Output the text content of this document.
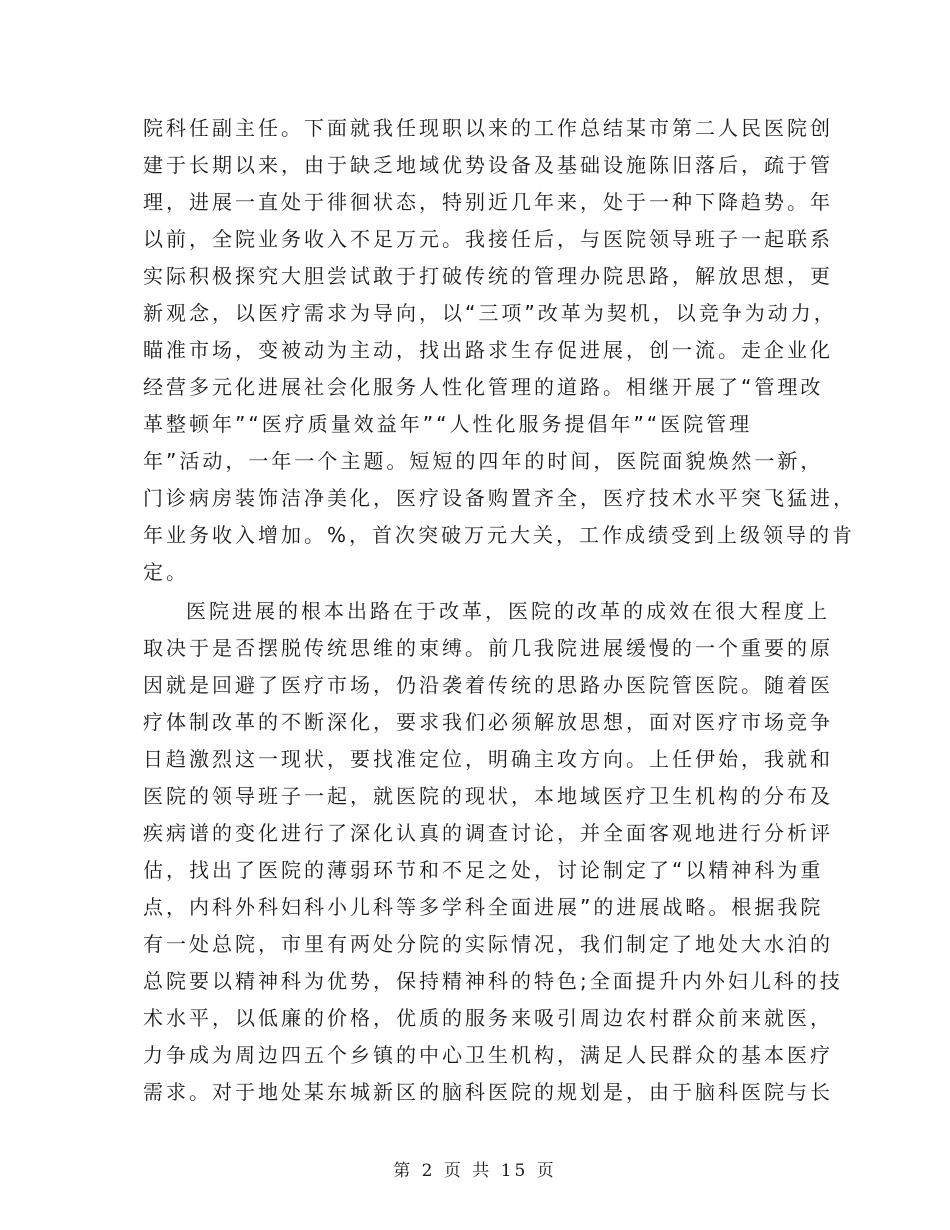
院科任副主任。下面就我任现职以来的工作总结某市第二人民医院创
建于长期以来，由于缺乏地域优势设备及基础设施陈旧落后，疏于管
理，进展一直处于徘徊状态，特别近几年来，处于一种下降趋势。年
以前，全院业务收入不足万元。我接任后，与医院领导班子一起联系
实际积极探究大胆尝试敢于打破传统的管理办院思路，解放思想，更
新观念，以医疗需求为导向，以“三项”改革为契机，以竞争为动力，
瞄准市场，变被动为主动，找出路求生存促进展，创一流。走企业化
经营多元化进展社会化服务人性化管理的道路。相继开展了“管理改
革整顿年”“医疗质量效益年”“人性化服务提倡年”“医院管理
年”活动，一年一个主题。短短的四年的时间，医院面貌焕然一新，
门诊病房装饰洁净美化，医疗设备购置齐全，医疗技术水平突飞猛进，
年业务收入增加。%，首次突破万元大关，工作成绩受到上级领导的肯
定。
医院进展的根本出路在于改革，医院的改革的成效在很大程度上
取决于是否摆脱传统思维的束缚。前几我院进展缓慢的一个重要的原
因就是回避了医疗市场，仍沿袭着传统的思路办医院管医院。随着医
疗体制改革的不断深化，要求我们必须解放思想，面对医疗市场竞争
日趋激烈这一现状，要找准定位，明确主攻方向。上任伊始，我就和
医院的领导班子一起，就医院的现状，本地域医疗卫生机构的分布及
疾病谱的变化进行了深化认真的调查讨论，并全面客观地进行分析评
估，找出了医院的薄弱环节和不足之处，讨论制定了“以精神科为重
点，内科外科妇科小儿科等多学科全面进展”的进展战略。根据我院
有一处总院，市里有两处分院的实际情况，我们制定了地处大水泊的
总院要以精神科为优势，保持精神科的特色;全面提升内外妇儿科的技
术水平，以低廉的价格，优质的服务来吸引周边农村群众前来就医，
力争成为周边四五个乡镇的中心卫生机构，满足人民群众的基本医疗
需求。对于地处某东城新区的脑科医院的规划是，由于脑科医院与长
第 2 页 共 15 页
